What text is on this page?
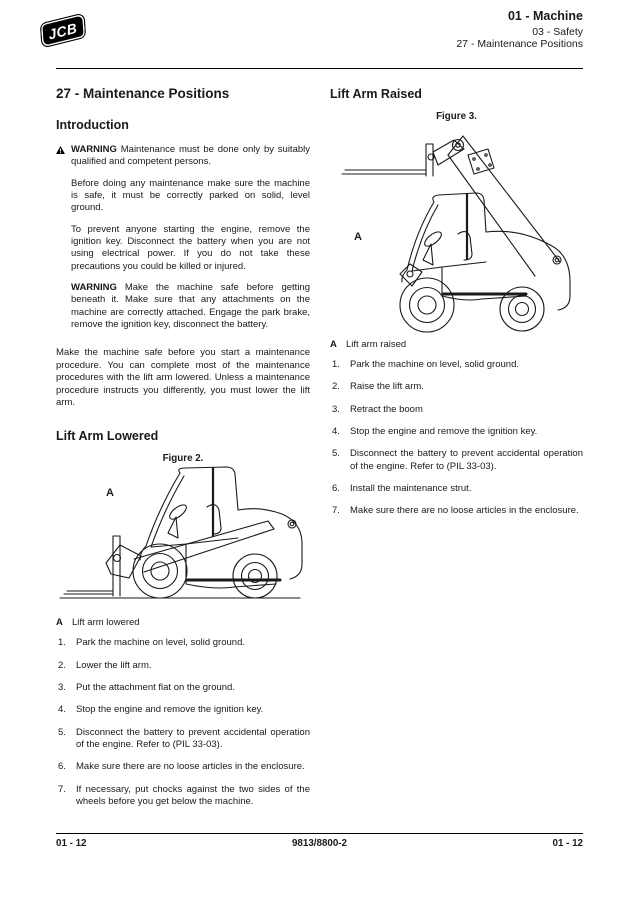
JCB
01 - Machine
03 - Safety
27 - Maintenance Positions
27 - Maintenance Positions
Introduction

WARNING Maintenance must be done only by suitably qualified and competent persons.

Before doing any maintenance make sure the machine is safe, it must be correctly parked on solid, level ground.

To prevent anyone starting the engine, remove the ignition key. Disconnect the battery when you are not using electrical power. If you do not take these precautions you could be killed or injured.

WARNING Make the machine safe before getting beneath it. Make sure that any attachments on the machine are correctly attached. Engage the park brake, remove the ignition key, disconnect the battery.

Make the machine safe before you start a maintenance procedure. You can complete most of the maintenance procedures with the lift arm lowered. Unless a maintenance procedure instructs you differently, you must lower the lift arm.

Lift Arm Lowered
Figure 2.
A
A Lift arm lowered
1.	Park the machine on level, solid ground.
2.	Lower the lift arm.
3.	Put the attachment flat on the ground.
4.	Stop the engine and remove the ignition key.
5.	Disconnect the battery to prevent accidental operation of the engine. Refer to (PIL 33-03).
6.	Make sure there are no loose articles in the enclosure.
7.	If necessary, put chocks against the two sides of the wheels before you get below the machine.
Lift Arm Raised
Figure 3.
A
A Lift arm raised
1.	Park the machine on level, solid ground.
2.	Raise the lift arm.
3.	Retract the boom
4.	Stop the engine and remove the ignition key.
5.	Disconnect the battery to prevent accidental operation of the engine. Refer to (PIL 33-03).
6.	Install the maintenance strut.
7.	Make sure there are no loose articles in the enclosure.
01 - 12	9813/8800-2	01 - 12
